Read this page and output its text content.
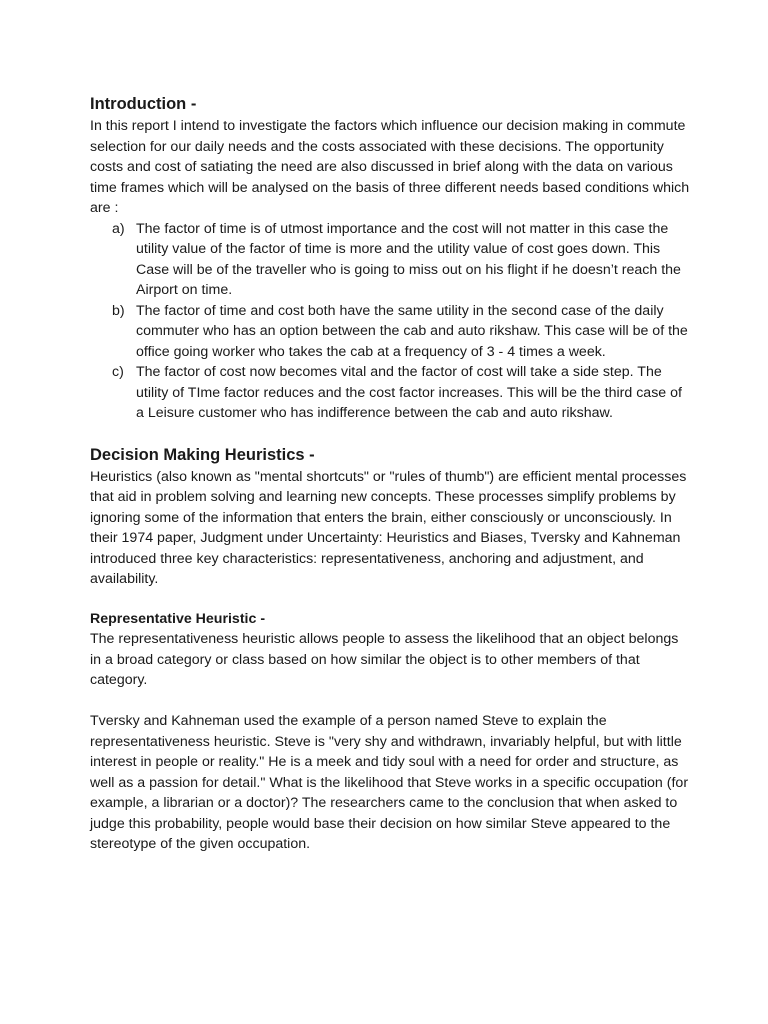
Introduction -

In this report I intend to investigate the factors which influence our decision making in commute selection for our daily needs and the costs associated with these decisions. The opportunity costs and cost of satiating the need are also discussed in brief along with the data on various time frames which will be analysed on the basis of three different needs based conditions which are :

a) The factor of time is of utmost importance and the cost will not matter in this case the utility value of the factor of time is more and the utility value of cost goes down. This Case will be of the traveller who is going to miss out on his flight if he doesn’t reach the Airport on time.
b) The factor of time and cost both have the same utility in the second case of the daily commuter who has an option between the cab and auto rikshaw. This case will be of the office going worker who takes the cab at a frequency of 3 - 4 times a week.
c) The factor of cost now becomes vital and the factor of cost will take a side step. The utility of TIme factor reduces and the cost factor increases. This will be the third case of a Leisure customer who has indifference between the cab and auto rikshaw.
Decision Making Heuristics -

Heuristics (also known as "mental shortcuts" or "rules of thumb") are efficient mental processes that aid in problem solving and learning new concepts. These processes simplify problems by ignoring some of the information that enters the brain, either consciously or unconsciously. In their 1974 paper, Judgment under Uncertainty: Heuristics and Biases, Tversky and Kahneman introduced three key characteristics: representativeness, anchoring and adjustment, and availability.

Representative Heuristic -

The representativeness heuristic allows people to assess the likelihood that an object belongs in a broad category or class based on how similar the object is to other members of that category.

Tversky and Kahneman used the example of a person named Steve to explain the representativeness heuristic. Steve is "very shy and withdrawn, invariably helpful, but with little interest in people or reality." He is a meek and tidy soul with a need for order and structure, as well as a passion for detail." What is the likelihood that Steve works in a specific occupation (for example, a librarian or a doctor)? The researchers came to the conclusion that when asked to judge this probability, people would base their decision on how similar Steve appeared to the stereotype of the given occupation.
